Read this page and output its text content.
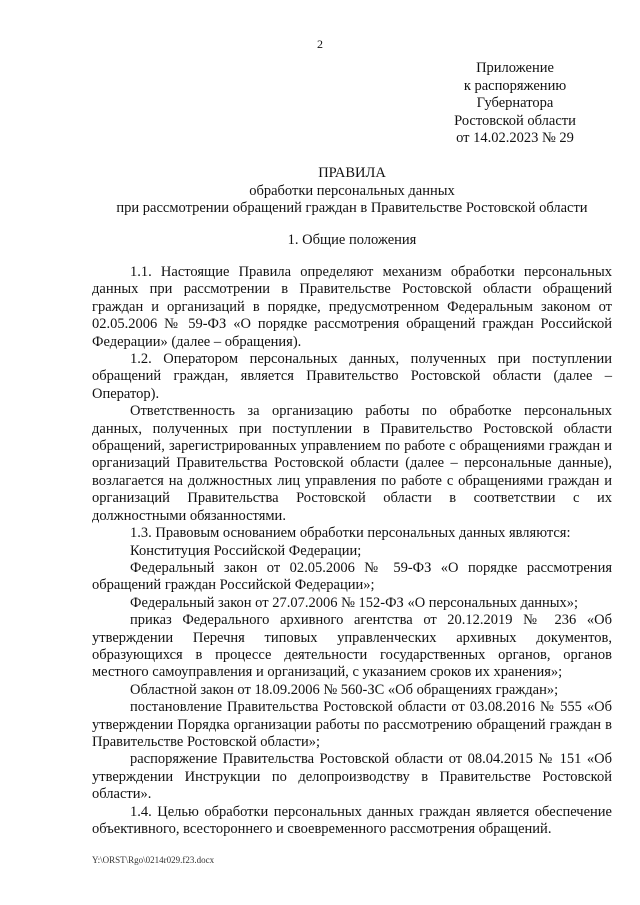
2
Приложение
к распоряжению
Губернатора
Ростовской области
от 14.02.2023 № 29
ПРАВИЛА
обработки персональных данных
при рассмотрении обращений граждан в Правительстве Ростовской области
1. Общие положения

1.1. Настоящие Правила определяют механизм обработки персональных данных при рассмотрении в Правительстве Ростовской области обращений граждан и организаций в порядке, предусмотренном Федеральным законом от 02.05.2006 № 59-ФЗ «О порядке рассмотрения обращений граждан Российской Федерации» (далее – обращения).

1.2. Оператором персональных данных, полученных при поступлении обращений граждан, является Правительство Ростовской области (далее – Оператор).

Ответственность за организацию работы по обработке персональных данных, полученных при поступлении в Правительство Ростовской области обращений, зарегистрированных управлением по работе с обращениями граждан и организаций Правительства Ростовской области (далее – персональные данные), возлагается на должностных лиц управления по работе с обращениями граждан и организаций Правительства Ростовской области в соответствии с их должностными обязанностями.

1.3. Правовым основанием обработки персональных данных являются:

Конституция Российской Федерации;

Федеральный закон от 02.05.2006 № 59-ФЗ «О порядке рассмотрения обращений граждан Российской Федерации»;

Федеральный закон от 27.07.2006 № 152-ФЗ «О персональных данных»;

приказ Федерального архивного агентства от 20.12.2019 № 236 «Об утверждении Перечня типовых управленческих архивных документов, образующихся в процессе деятельности государственных органов, органов местного самоуправления и организаций, с указанием сроков их хранения»;

Областной закон от 18.09.2006 № 560-ЗС «Об обращениях граждан»;

постановление Правительства Ростовской области от 03.08.2016 № 555 «Об утверждении Порядка организации работы по рассмотрению обращений граждан в Правительстве Ростовской области»;

распоряжение Правительства Ростовской области от 08.04.2015 № 151 «Об утверждении Инструкции по делопроизводству в Правительстве Ростовской области».

1.4. Целью обработки персональных данных граждан является обеспечение объективного, всестороннего и своевременного рассмотрения обращений.

Y:\ORST\Rgo\0214r029.f23.docx
